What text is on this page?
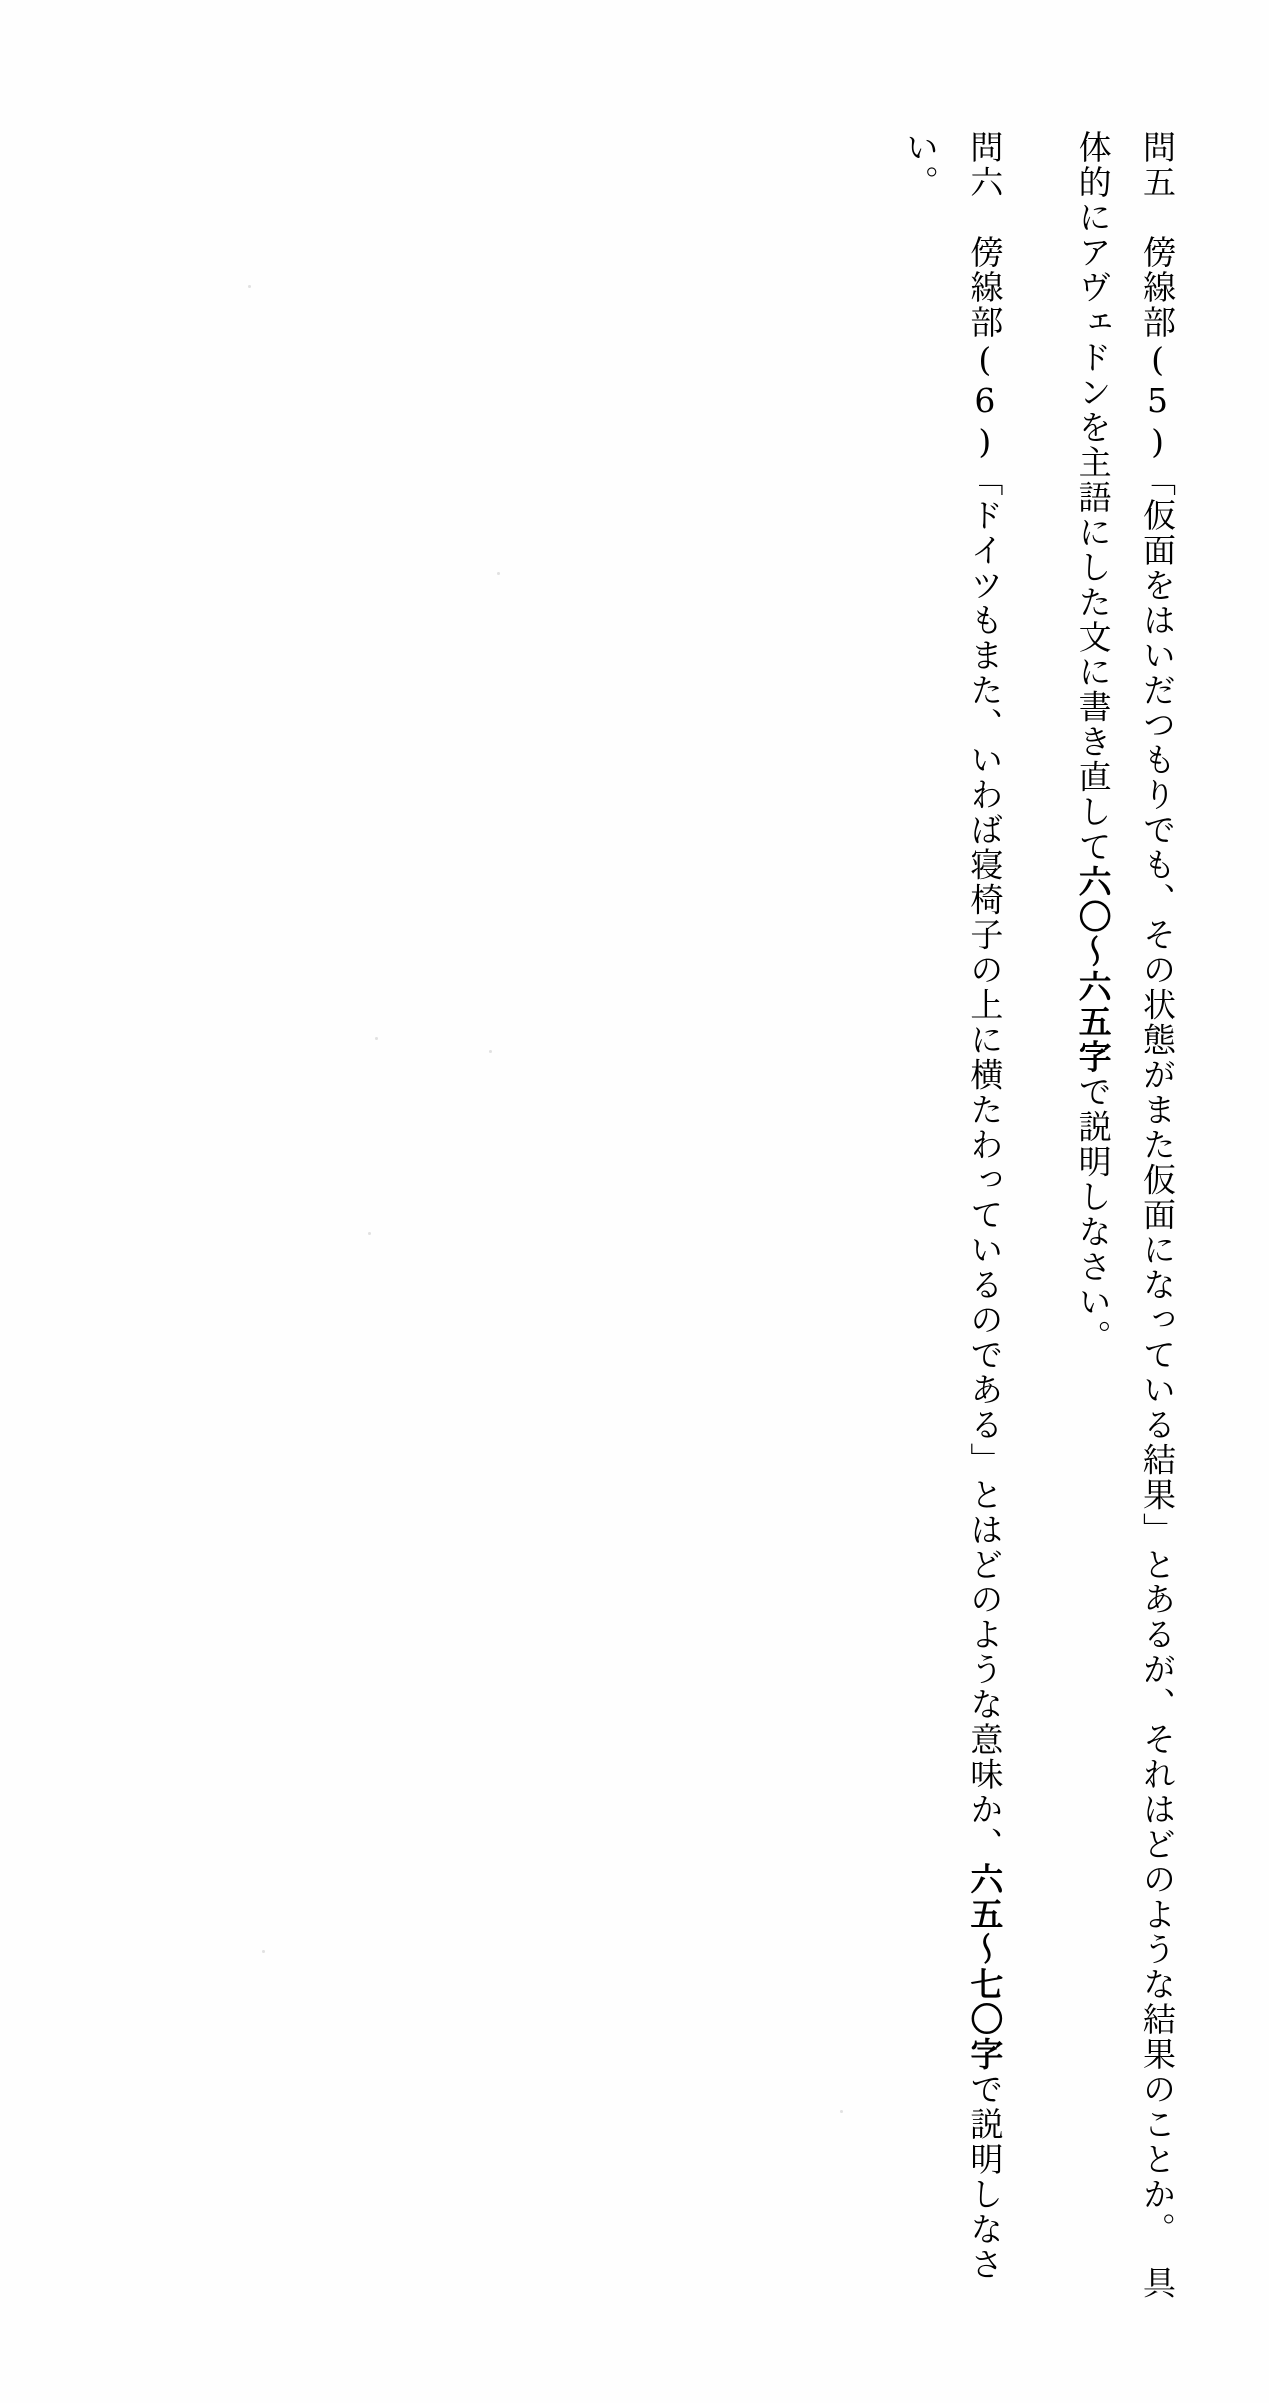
問五　傍線部(5)「仮面をはいだつもりでも、その状態がまた仮面になっている結果」とあるが、それはどのような結果のことか。　具体的にアヴェドンを主語にした文に書き直して六〇〜六五字で説明しなさい。
問六　傍線部(6)「ドイツもまた、いわば寝椅子の上に横たわっているのである」とはどのような意味か、六五〜七〇字で説明しなさい。
